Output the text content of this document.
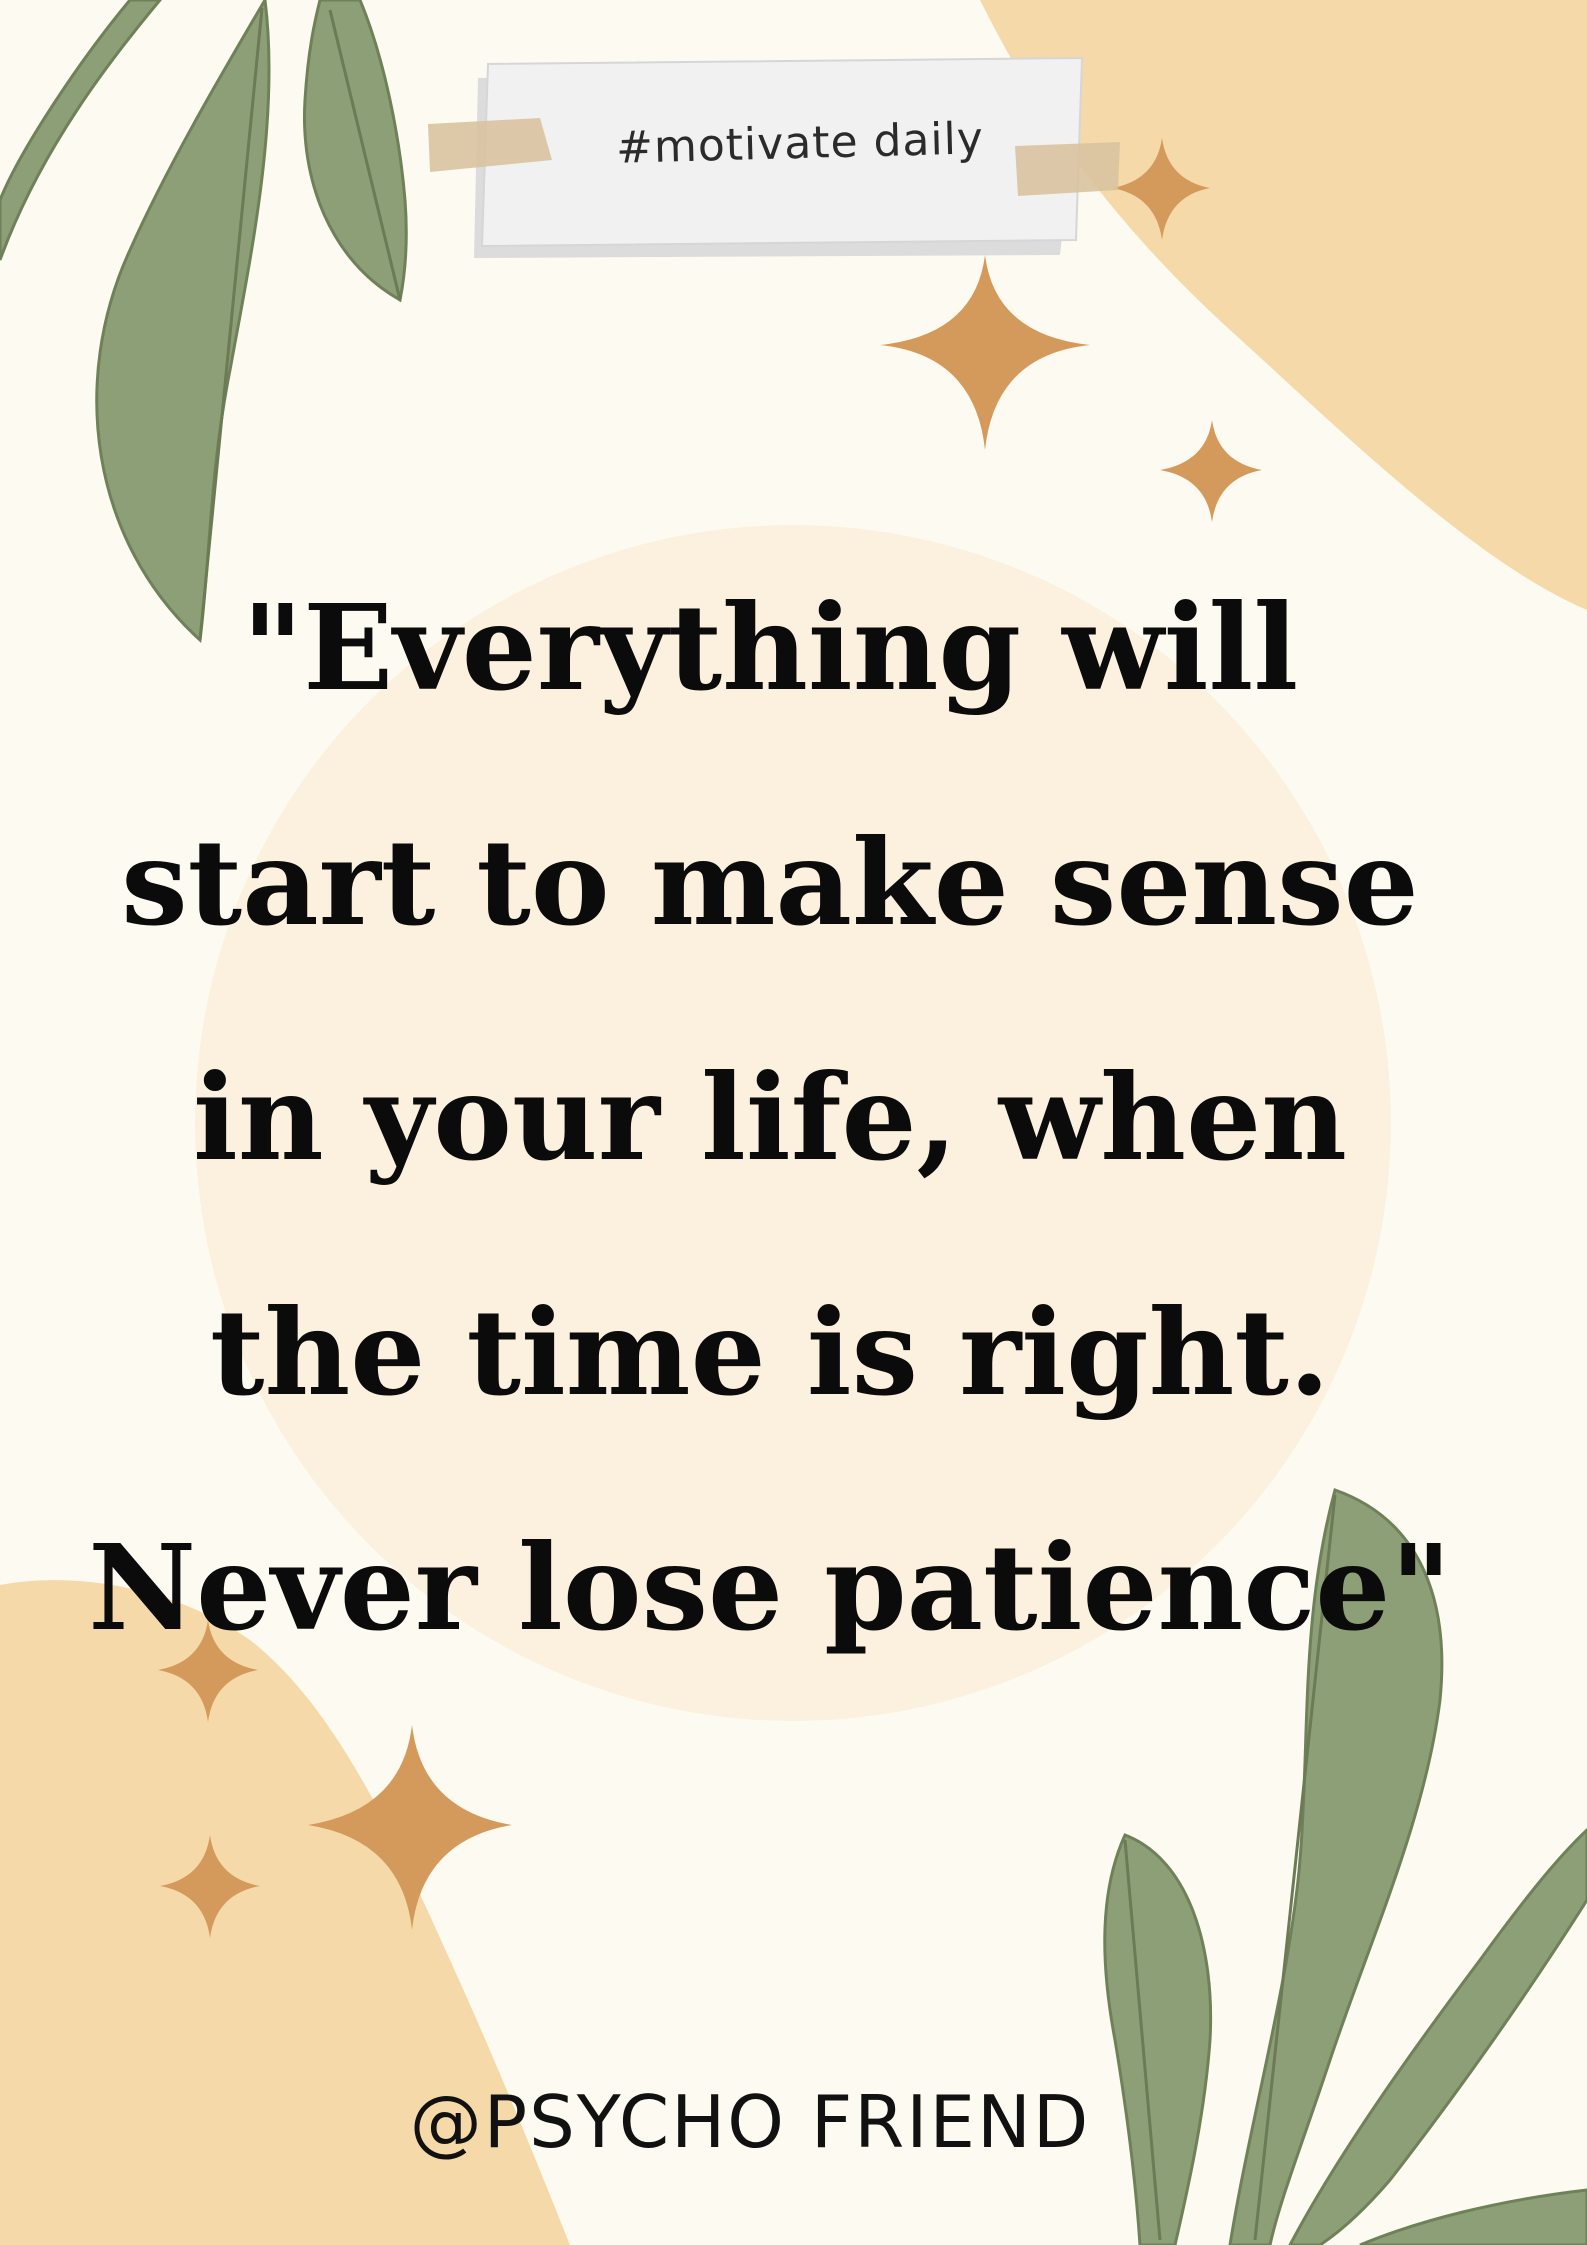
#motivate daily

"Everything will
start to make sense
in your life, when
the time is right.
Never lose patience"

@PSYCHO FRIEND
